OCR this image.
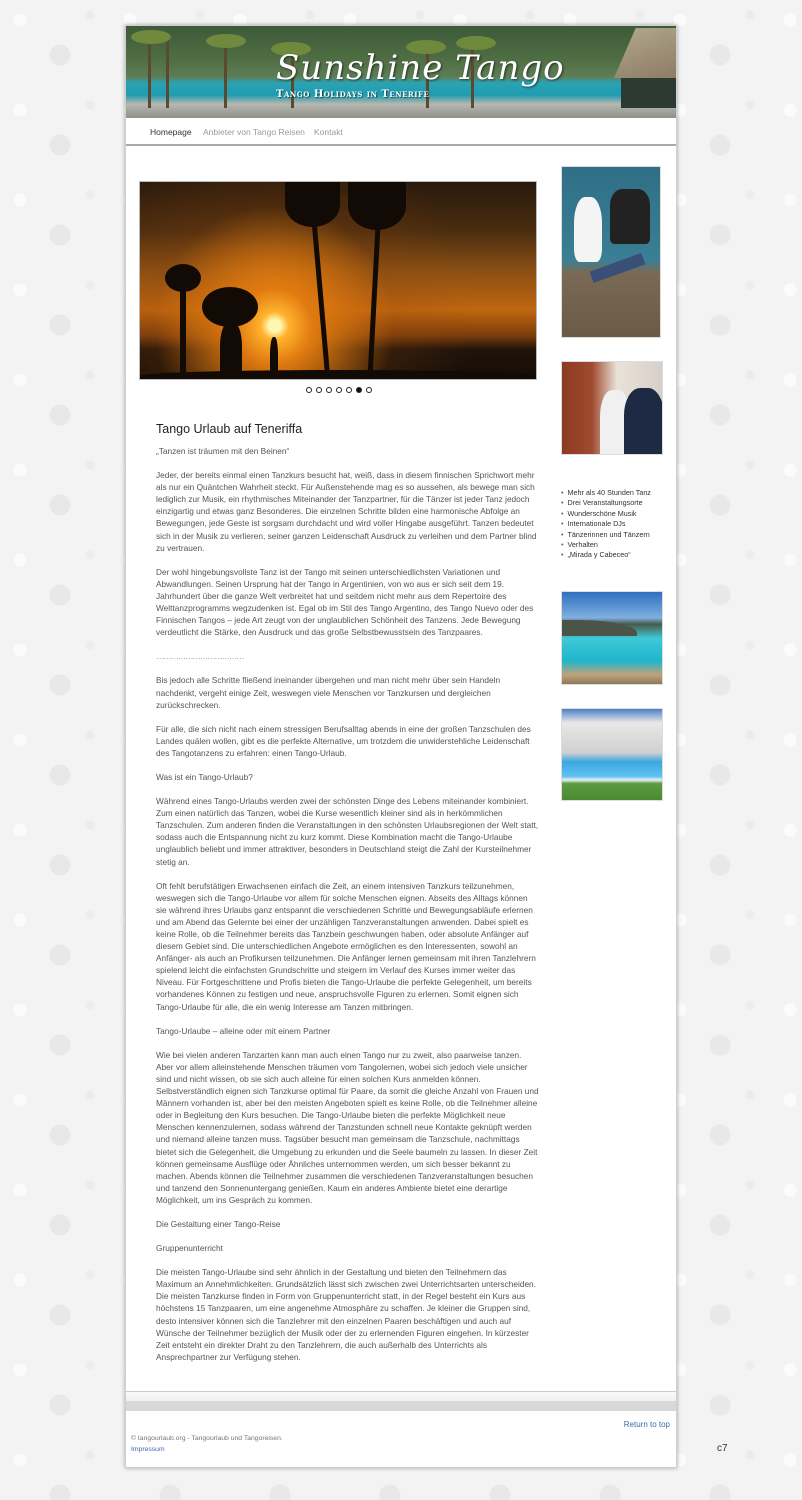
Sunshine Tango
Tango Holidays in Tenerife
Homepage Anbieter von Tango Reisen Kontakt

Tango Urlaub auf Teneriffa

„Tanzen ist träumen mit den Beinen“

Jeder, der bereits einmal einen Tanzkurs besucht hat, weiß, dass in diesem finnischen Sprichwort mehr als nur ein Quäntchen Wahrheit steckt. Für Außenstehende mag es so aussehen, als bewege man sich lediglich zur Musik, ein rhythmisches Miteinander der Tanzpartner, für die Tänzer ist jeder Tanz jedoch einzigartig und etwas ganz Besonderes. Die einzelnen Schritte bilden eine harmonische Abfolge an Bewegungen, jede Geste ist sorgsam durchdacht und wird voller Hingabe ausgeführt. Tanzen bedeutet sich in der Musik zu verlieren, seiner ganzen Leidenschaft Ausdruck zu verleihen und dem Partner blind zu vertrauen.

Der wohl hingebungsvollste Tanz ist der Tango mit seinen unterschiedlichsten Variationen und Abwandlungen. Seinen Ursprung hat der Tango in Argentinien, von wo aus er sich seit dem 19. Jahrhundert über die ganze Welt verbreitet hat und seitdem nicht mehr aus dem Repertoire des Welttanzprogramms wegzudenken ist. Egal ob im Stil des Tango Argentino, des Tango Nuevo oder des Finnischen Tangos – jede Art zeugt von der unglaublichen Schönheit des Tanzens. Jede Bewegung verdeutlicht die Stärke, den Ausdruck und das große Selbstbewusstsein des Tanzpaares.

………………………………

Bis jedoch alle Schritte fließend ineinander übergehen und man nicht mehr über sein Handeln nachdenkt, vergeht einige Zeit, weswegen viele Menschen vor Tanzkursen und dergleichen zurückschrecken.

Für alle, die sich nicht nach einem stressigen Berufsalltag abends in eine der großen Tanzschulen des Landes quälen wollen, gibt es die perfekte Alternative, um trotzdem die unwiderstehliche Leidenschaft des Tangotanzens zu erfahren: einen Tango-Urlaub.

Was ist ein Tango-Urlaub?

Während eines Tango-Urlaubs werden zwei der schönsten Dinge des Lebens miteinander kombiniert. Zum einen natürlich das Tanzen, wobei die Kurse wesentlich kleiner sind als in herkömmlichen Tanzschulen. Zum anderen finden die Veranstaltungen in den schönsten Urlaubsregionen der Welt statt, sodass auch die Entspannung nicht zu kurz kommt. Diese Kombination macht die Tango-Urlaube unglaublich beliebt und immer attraktiver, besonders in Deutschland steigt die Zahl der Kursteilnehmer stetig an.

Oft fehlt berufstätigen Erwachsenen einfach die Zeit, an einem intensiven Tanzkurs teilzunehmen, weswegen sich die Tango-Urlaube vor allem für solche Menschen eignen. Abseits des Alltags können sie während ihres Urlaubs ganz entspannt die verschiedenen Schritte und Bewegungsabläufe erlernen und am Abend das Gelernte bei einer der unzähligen Tanzveranstaltungen anwenden. Dabei spielt es keine Rolle, ob die Teilnehmer bereits das Tanzbein geschwungen haben, oder absolute Anfänger auf diesem Gebiet sind. Die unterschiedlichen Angebote ermöglichen es den Interessenten, sowohl an Anfänger- als auch an Profikursen teilzunehmen. Die Anfänger lernen gemeinsam mit ihren Tanzlehrern spielend leicht die einfachsten Grundschritte und steigern im Verlauf des Kurses immer weiter das Niveau. Für Fortgeschrittene und Profis bieten die Tango-Urlaube die perfekte Gelegenheit, um bereits vorhandenes Können zu festigen und neue, anspruchsvolle Figuren zu erlernen. Somit eignen sich Tango-Urlaube für alle, die ein wenig Interesse am Tanzen mitbringen.

Tango-Urlaube – alleine oder mit einem Partner

Wie bei vielen anderen Tanzarten kann man auch einen Tango nur zu zweit, also paarweise tanzen. Aber vor allem alleinstehende Menschen träumen vom Tangolernen, wobei sich jedoch viele unsicher sind und nicht wissen, ob sie sich auch alleine für einen solchen Kurs anmelden können. Selbstverständlich eignen sich Tanzkurse optimal für Paare, da somit die gleiche Anzahl von Frauen und Männern vorhanden ist, aber bei den meisten Angeboten spielt es keine Rolle, ob die Teilnehmer alleine oder in Begleitung den Kurs besuchen. Die Tango-Urlaube bieten die perfekte Möglichkeit neue Menschen kennenzulernen, sodass während der Tanzstunden schnell neue Kontakte geknüpft werden und niemand alleine tanzen muss. Tagsüber besucht man gemeinsam die Tanzschule, nachmittags bietet sich die Gelegenheit, die Umgebung zu erkunden und die Seele baumeln zu lassen. In dieser Zeit können gemeinsame Ausflüge oder Ähnliches unternommen werden, um sich besser bekannt zu machen. Abends können die Teilnehmer zusammen die verschiedenen Tanzveranstaltungen besuchen und tanzend den Sonnenuntergang genießen. Kaum ein anderes Ambiente bietet eine derartige Möglichkeit, um ins Gespräch zu kommen.

Die Gestaltung einer Tango-Reise

Gruppenunterricht

Die meisten Tango-Urlaube sind sehr ähnlich in der Gestaltung und bieten den Teilnehmern das Maximum an Annehmlichkeiten. Grundsätzlich lässt sich zwischen zwei Unterrichtsarten unterscheiden. Die meisten Tanzkurse finden in Form von Gruppenunterricht statt, in der Regel besteht ein Kurs aus höchstens 15 Tanzpaaren, um eine angenehme Atmosphäre zu schaffen. Je kleiner die Gruppen sind, desto intensiver können sich die Tanzlehrer mit den einzelnen Paaren beschäftigen und auch auf Wünsche der Teilnehmer bezüglich der Musik oder der zu erlernenden Figuren eingehen. In kürzester Zeit entsteht ein direkter Draht zu den Tanzlehrern, die auch außerhalb des Unterrichts als Ansprechpartner zur Verfügung stehen.

• Mehr als 40 Stunden Tanz
• Drei Veranstaltungsorte
• Wunderschöne Musik
• Internationale DJs
• Tänzerinnen und Tänzern
• Verhalten
• „Mirada y Cabeceo“
Return to top
© tangourlaub.org - Tangourlaub und Tangoreisen.
Impressum	c7
